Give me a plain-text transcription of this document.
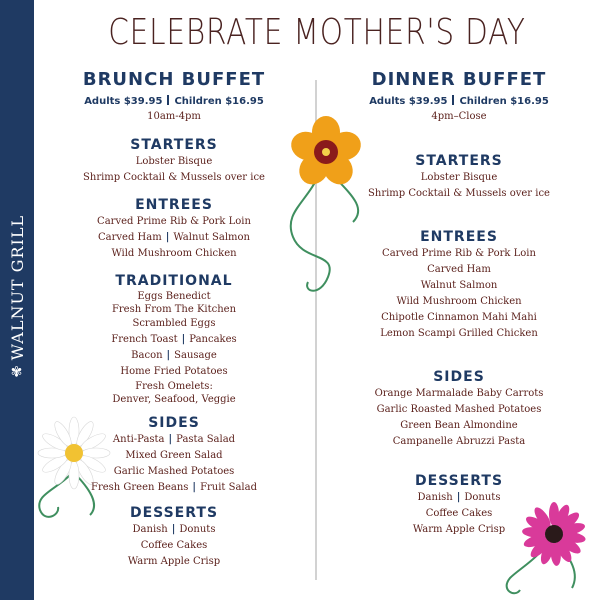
✾
WALNUT GRILL
CELEBRATE MOTHER'S DAY
BRUNCH BUFFET
Adults $39.95 Children $16.95
10am-4pm
STARTERS
Lobster Bisque
Shrimp Cocktail & Mussels over ice
ENTREES
Carved Prime Rib & Pork Loin
Carved Ham | Walnut Salmon
Wild Mushroom Chicken
TRADITIONAL
Eggs Benedict
Fresh From The Kitchen
Scrambled Eggs
French Toast | Pancakes
Bacon | Sausage
Home Fried Potatoes
Fresh Omelets:
Denver, Seafood, Veggie
SIDES
Anti-Pasta | Pasta Salad
Mixed Green Salad
Garlic Mashed Potatoes
Fresh Green Beans | Fruit Salad
DESSERTS
Danish | Donuts
Coffee Cakes
Warm Apple Crisp
DINNER BUFFET
Adults $39.95 Children $16.95
4pm–Close
STARTERS
Lobster Bisque
Shrimp Cocktail & Mussels over ice
ENTREES
Carved Prime Rib & Pork Loin
Carved Ham
Walnut Salmon
Wild Mushroom Chicken
Chipotle Cinnamon Mahi Mahi
Lemon Scampi Grilled Chicken
SIDES
Orange Marmalade Baby Carrots
Garlic Roasted Mashed Potatoes
Green Bean Almondine
Campanelle Abruzzi Pasta
DESSERTS
Danish | Donuts
Coffee Cakes
Warm Apple Crisp
